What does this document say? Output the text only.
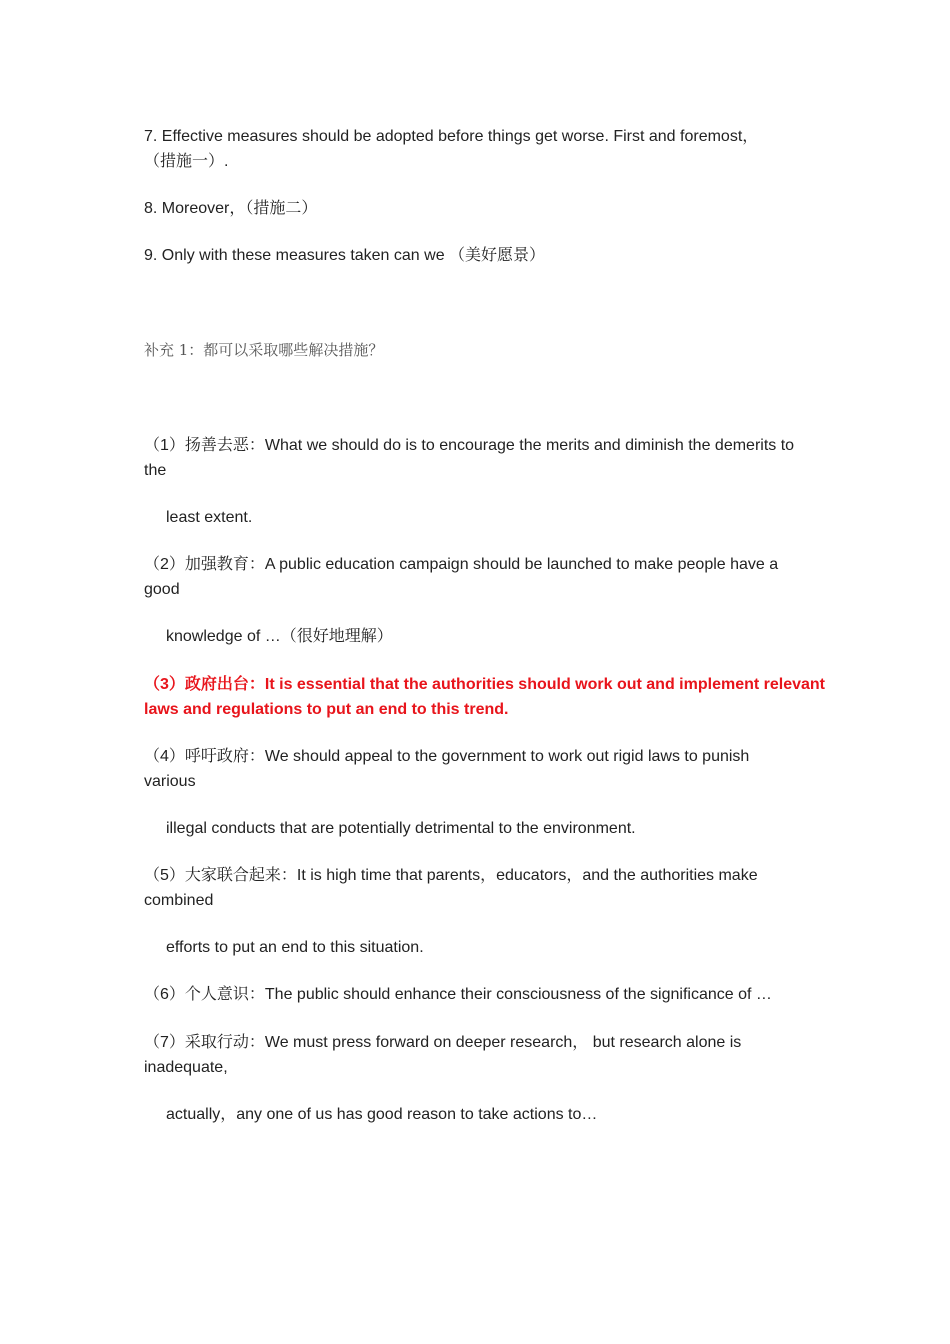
7. Effective measures should be adopted before things get worse. First and foremost，
（措施一）.
8. Moreover，（措施二）
9. Only with these measures taken can we （美好愿景）
补充 1：都可以采取哪些解决措施？
（1）扬善去恶：What we should do is to encourage the merits and diminish the demerits to
the
least extent.
（2）加强教育：A public education campaign should be launched to make people have a
good
knowledge of …（很好地理解）
（3）政府出台：It is essential that the authorities should work out and implement relevant
laws and regulations to put an end to this trend.
（4）呼吁政府：We should appeal to the government to work out rigid laws to punish
various
illegal conducts that are potentially detrimental to the environment.
（5）大家联合起来：It is high time that parents，educators，and the authorities make
combined
efforts to put an end to this situation.
（6）个人意识：The public should enhance their consciousness of the significance of …
（7）采取行动：We must press forward on deeper research， but research alone is
inadequate,
actually，any one of us has good reason to take actions to…
